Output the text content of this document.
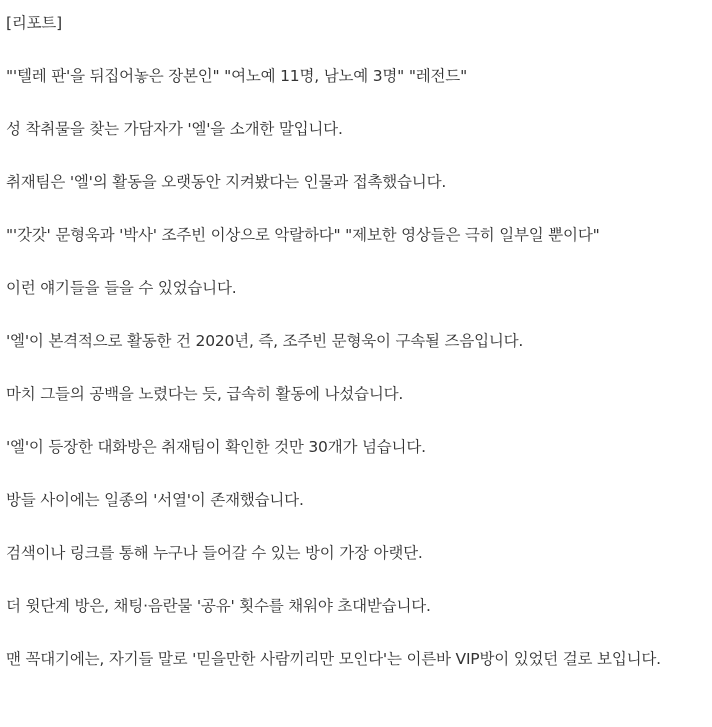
[리포트]
"'텔레 판'을 뒤집어놓은 장본인" "여노예 11명, 남노예 3명" "레전드"
성 착취물을 찾는 가담자가 '엘'을 소개한 말입니다.
취재팀은 '엘'의 활동을 오랫동안 지켜봤다는 인물과 접촉했습니다.
"'갓갓' 문형욱과 '박사' 조주빈 이상으로 악랄하다" "제보한 영상들은 극히 일부일 뿐이다"
이런 얘기들을 들을 수 있었습니다.
'엘'이 본격적으로 활동한 건 2020년, 즉, 조주빈 문형욱이 구속될 즈음입니다.
마치 그들의 공백을 노렸다는 듯, 급속히 활동에 나섰습니다.
'엘'이 등장한 대화방은 취재팀이 확인한 것만 30개가 넘습니다.
방들 사이에는 일종의 '서열'이 존재했습니다.
검색이나 링크를 통해 누구나 들어갈 수 있는 방이 가장 아랫단.
더 윗단계 방은, 채팅·음란물 '공유' 횟수를 채워야 초대받습니다.
맨 꼭대기에는, 자기들 말로 '믿을만한 사람끼리만 모인다'는 이른바 VIP방이 있었던 걸로 보입니다.
